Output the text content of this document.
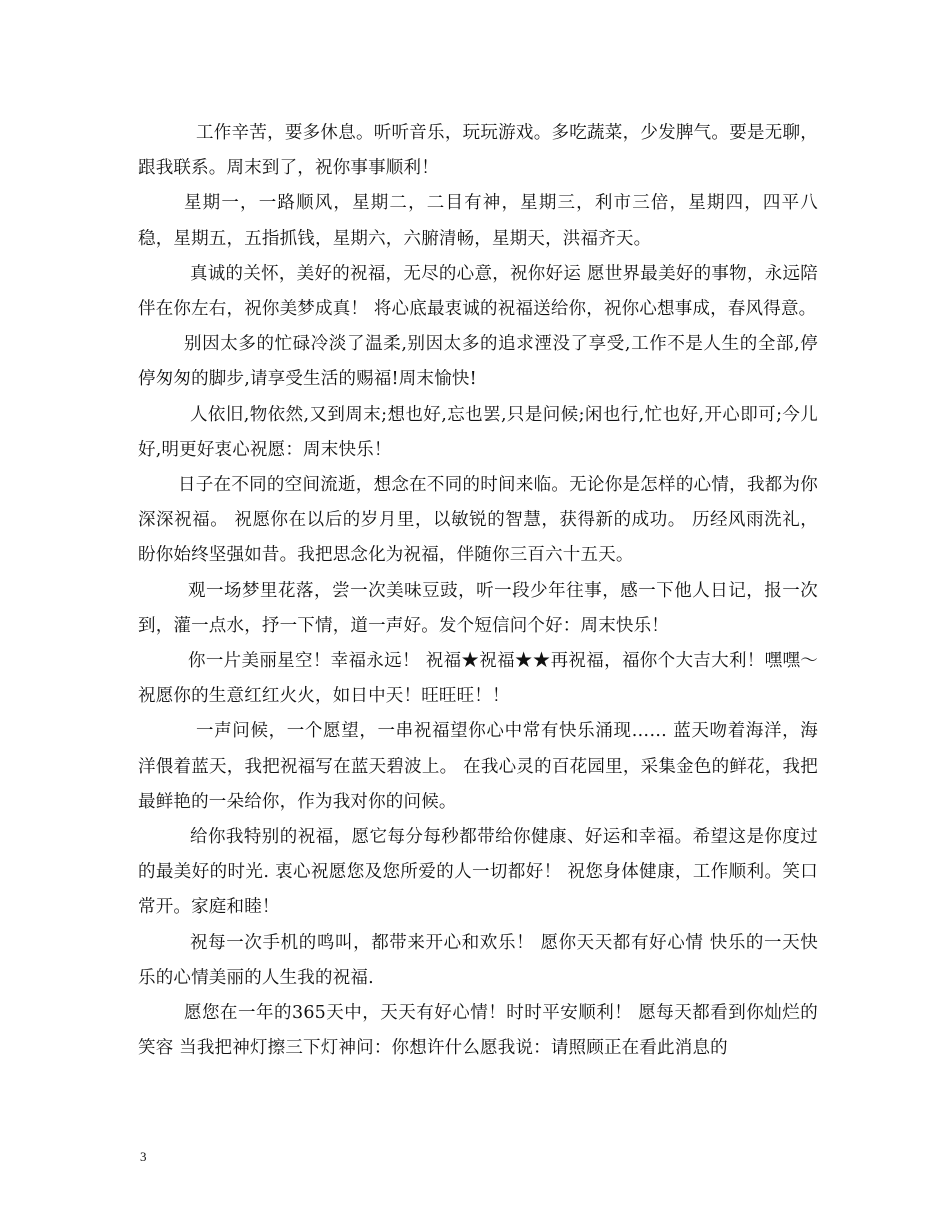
工作辛苦，要多休息。听听音乐，玩玩游戏。多吃蔬菜，少发脾气。要是无聊，跟我联系。周末到了，祝你事事顺利！

星期一，一路顺风，星期二，二目有神，星期三，利市三倍，星期四，四平八稳，星期五，五指抓钱，星期六，六腑清畅，星期天，洪福齐天。

真诚的关怀，美好的祝福，无尽的心意，祝你好运 愿世界最美好的事物，永远陪伴在你左右，祝你美梦成真！ 将心底最衷诚的祝福送给你，祝你心想事成，春风得意。

别因太多的忙碌冷淡了温柔,别因太多的追求湮没了享受,工作不是人生的全部,停停匆匆的脚步,请享受生活的赐福!周末愉快!

人依旧,物依然,又到周末;想也好,忘也罢,只是问候;闲也行,忙也好,开心即可;今儿好,明更好衷心祝愿：周末快乐！

日子在不同的空间流逝，想念在不同的时间来临。无论你是怎样的心情，我都为你深深祝福。 祝愿你在以后的岁月里，以敏锐的智慧，获得新的成功。 历经风雨洗礼，盼你始终坚强如昔。我把思念化为祝福，伴随你三百六十五天。

观一场梦里花落，尝一次美味豆豉，听一段少年往事，感一下他人日记，报一次到，灌一点水，抒一下情，道一声好。发个短信问个好：周末快乐！

你一片美丽星空！幸福永远！ 祝福★祝福★★再祝福，福你个大吉大利！嘿嘿～ 祝愿你的生意红红火火，如日中天！旺旺旺！！

一声问候，一个愿望，一串祝福望你心中常有快乐涌现…… 蓝天吻着海洋，海洋偎着蓝天，我把祝福写在蓝天碧波上。 在我心灵的百花园里，采集金色的鲜花，我把最鲜艳的一朵给你，作为我对你的问候。

给你我特别的祝福，愿它每分每秒都带给你健康、好运和幸福。希望这是你度过的最美好的时光. 衷心祝愿您及您所爱的人一切都好！ 祝您身体健康，工作顺利。笑口常开。家庭和睦！

祝每一次手机的鸣叫，都带来开心和欢乐！ 愿你天天都有好心情 快乐的一天快乐的心情美丽的人生我的祝福.

愿您在一年的365天中，天天有好心情！时时平安顺利！ 愿每天都看到你灿烂的笑容 当我把神灯擦三下灯神问：你想许什么愿我说：请照顾正在看此消息的

3
